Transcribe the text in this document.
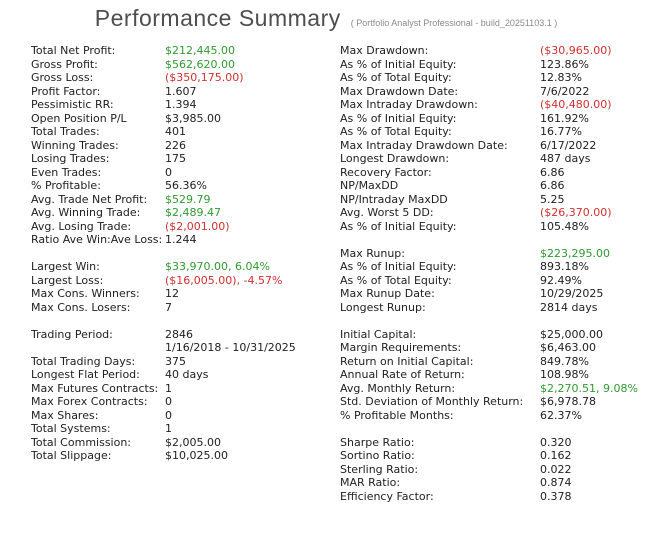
Performance Summary ( Portfolio Analyst Professional - build_20251103.1 )
Total Net Profit:	$212,445.00
Gross Profit:	$562,620.00
Gross Loss:	($350,175.00)
Profit Factor:	1.607
Pessimistic RR:	1.394
Open Position P/L	$3,985.00
Total Trades:	401
Winning Trades:	226
Losing Trades:	175
Even Trades:	0
% Profitable:	56.36%
Avg. Trade Net Profit:	$529.79
Avg. Winning Trade:	$2,489.47
Avg. Losing Trade:	($2,001.00)
Ratio Ave Win:Ave Loss: 1.244
Largest Win:	$33,970.00, 6.04%
Largest Loss:	($16,005.00), -4.57%
Max Cons. Winners:	12
Max Cons. Losers:	7
Trading Period:	2846
1/16/2018 - 10/31/2025
Total Trading Days:	375
Longest Flat Period:	40 days
Max Futures Contracts: 1
Max Forex Contracts:	0
Max Shares:	0
Total Systems:	1
Total Commission:	$2,005.00
Total Slippage:	$10,025.00
Max Drawdown:	($30,965.00)
As % of Initial Equity:	123.86%
As % of Total Equity:	12.83%
Max Drawdown Date:	7/6/2022
Max Intraday Drawdown:	($40,480.00)
As % of Initial Equity:	161.92%
As % of Total Equity:	16.77%
Max Intraday Drawdown Date:	6/17/2022
Longest Drawdown:	487 days
Recovery Factor:	6.86
NP/MaxDD	6.86
NP/Intraday MaxDD	5.25
Avg. Worst 5 DD:	($26,370.00)
As % of Initial Equity:	105.48%
Max Runup:	$223,295.00
As % of Initial Equity:	893.18%
As % of Total Equity:	92.49%
Max Runup Date:	10/29/2025
Longest Runup:	2814 days
Initial Capital:	$25,000.00
Margin Requirements:	$6,463.00
Return on Initial Capital:	849.78%
Annual Rate of Return:	108.98%
Avg. Monthly Return:	$2,270.51, 9.08%
Std. Deviation of Monthly Return:	$6,978.78
% Profitable Months:	62.37%
Sharpe Ratio:	0.320
Sortino Ratio:	0.162
Sterling Ratio:	0.022
MAR Ratio:	0.874
Efficiency Factor:	0.378
